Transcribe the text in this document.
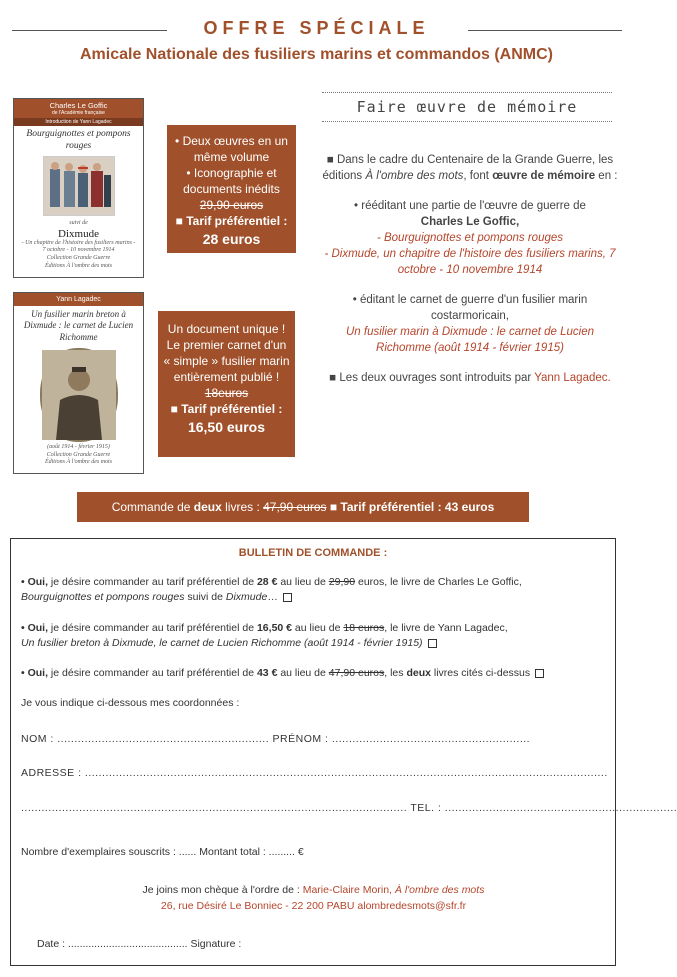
OFFRE SPÉCIALE
Amicale Nationale des fusiliers marins et commandos (ANMC)
Charles Le Goffic
de l'Académie française
Introduction de Yann Lagadec
Bourguignottes et pompons rouges
suivi de
Dixmude
- Un chapitre de l'histoire des fusiliers marins -
7 octobre - 10 novembre 1914
Collection Grande Guerre
Éditions À l'ombre des mots
Yann Lagadec
Un fusilier marin breton à Dixmude : le carnet de Lucien Richomme
(août 1914 - février 1915)
Collection Grande Guerre
Éditions À l'ombre des mots
• Deux œuvres en un même volume
• Iconographie et documents inédits
29,90 euros
■ Tarif préférentiel :
28 euros
Un document unique ! Le premier carnet d'un « simple » fusilier marin entièrement publié !
18euros
■ Tarif préférentiel :
16,50 euros
Faire œuvre de mémoire

■ Dans le cadre du Centenaire de la Grande Guerre, les éditions À l'ombre des mots, font œuvre de mémoire en :

• rééditant une partie de l'œuvre de guerre de
Charles Le Goffic,
- Bourguignottes et pompons rouges
- Dixmude, un chapitre de l'histoire des fusiliers marins, 7 octobre - 10 novembre 1914

• éditant le carnet de guerre d'un fusilier marin costarmoricain,
Un fusilier marin à Dixmude : le carnet de Lucien Richomme (août 1914 - février 1915)

■ Les deux ouvrages sont introduits par Yann Lagadec.

Commande de deux livres : 47,90 euros ■ Tarif préférentiel : 43 euros
BULLETIN DE COMMANDE :
• Oui, je désire commander au tarif préférentiel de 28 € au lieu de 29,90 euros, le livre de Charles Le Goffic,
Bourguignottes et pompons rouges suivi de Dixmude…
• Oui, je désire commander au tarif préférentiel de 16,50 € au lieu de 18 euros, le livre de Yann Lagadec,
Un fusilier breton à Dixmude, le carnet de Lucien Richomme (août 1914 - février 1915)
• Oui, je désire commander au tarif préférentiel de 43 € au lieu de 47,90 euros, les deux livres cités ci-dessus
Je vous indique ci-dessous mes coordonnées :
NOM : .............................................................. PRÉNOM : ..........................................................
ADRESSE : .........................................................................................................................................................
................................................................................................................. TEL. : ....................................................................
Nombre d'exemplaires souscrits : ...... Montant total : ......... €
Je joins mon chèque à l'ordre de : Marie-Claire Morin, À l'ombre des mots
26, rue Désiré Le Bonniec - 22 200 PABU alombredesmots@sfr.fr
Date : ......................................... Signature :
